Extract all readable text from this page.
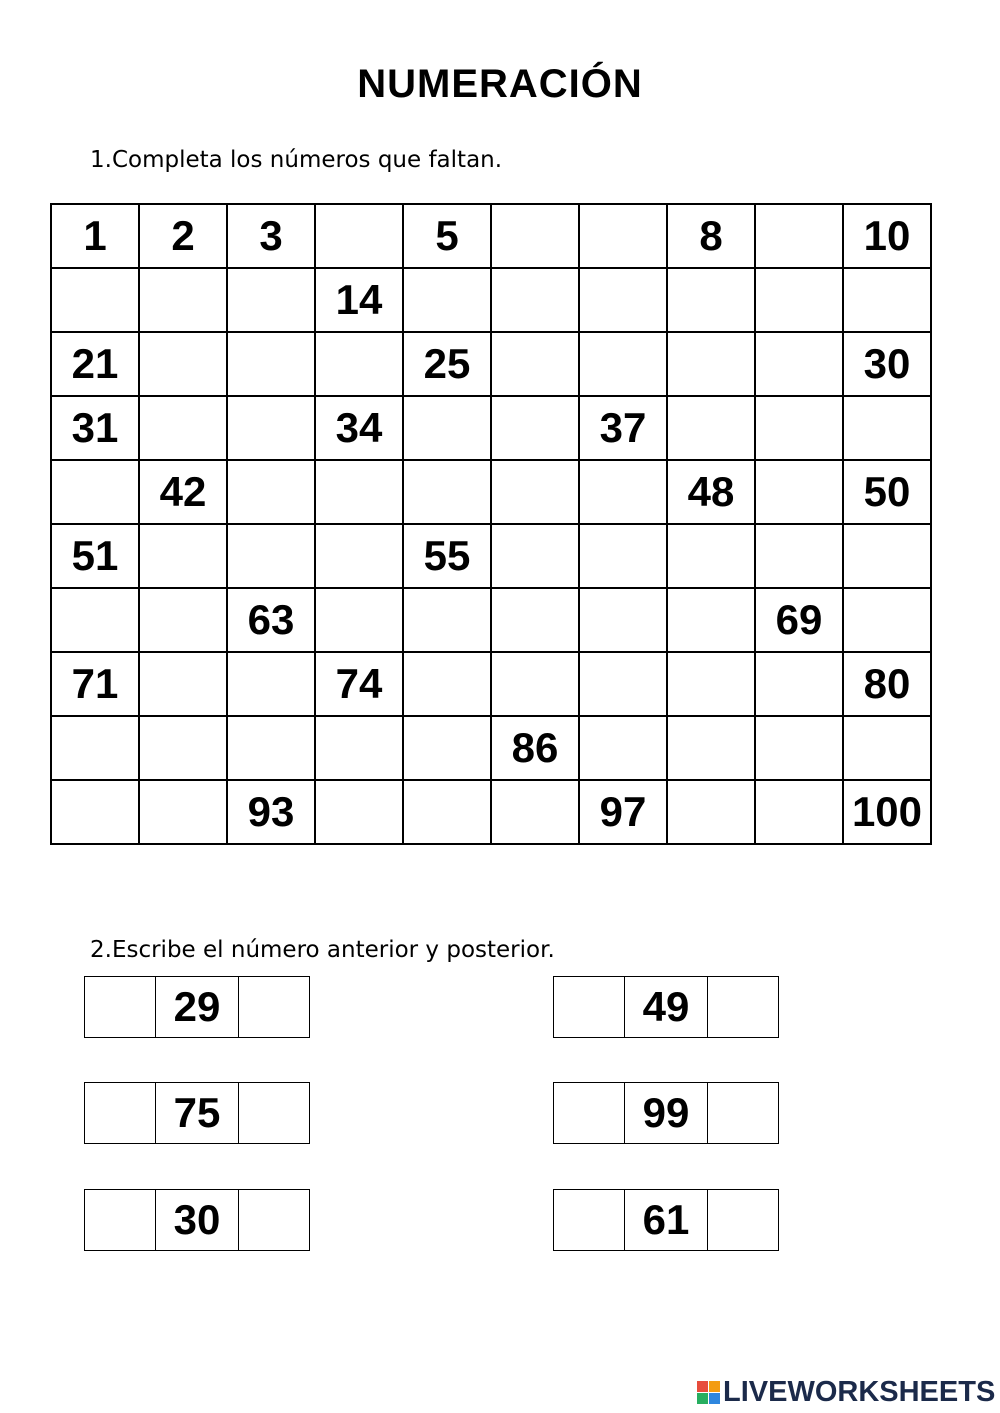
NUMERACIÓN
1.Completa los números que faltan.
1	2	3		5			8		10
			14						
21				25					30
31			34			37			
	42						48		50
51				55					
		63						69	
71			74						80
					86				
		93				97			100
2.Escribe el número anterior y posterior.
29	49
75	99
30	61
LIVEWORKSHEETS
